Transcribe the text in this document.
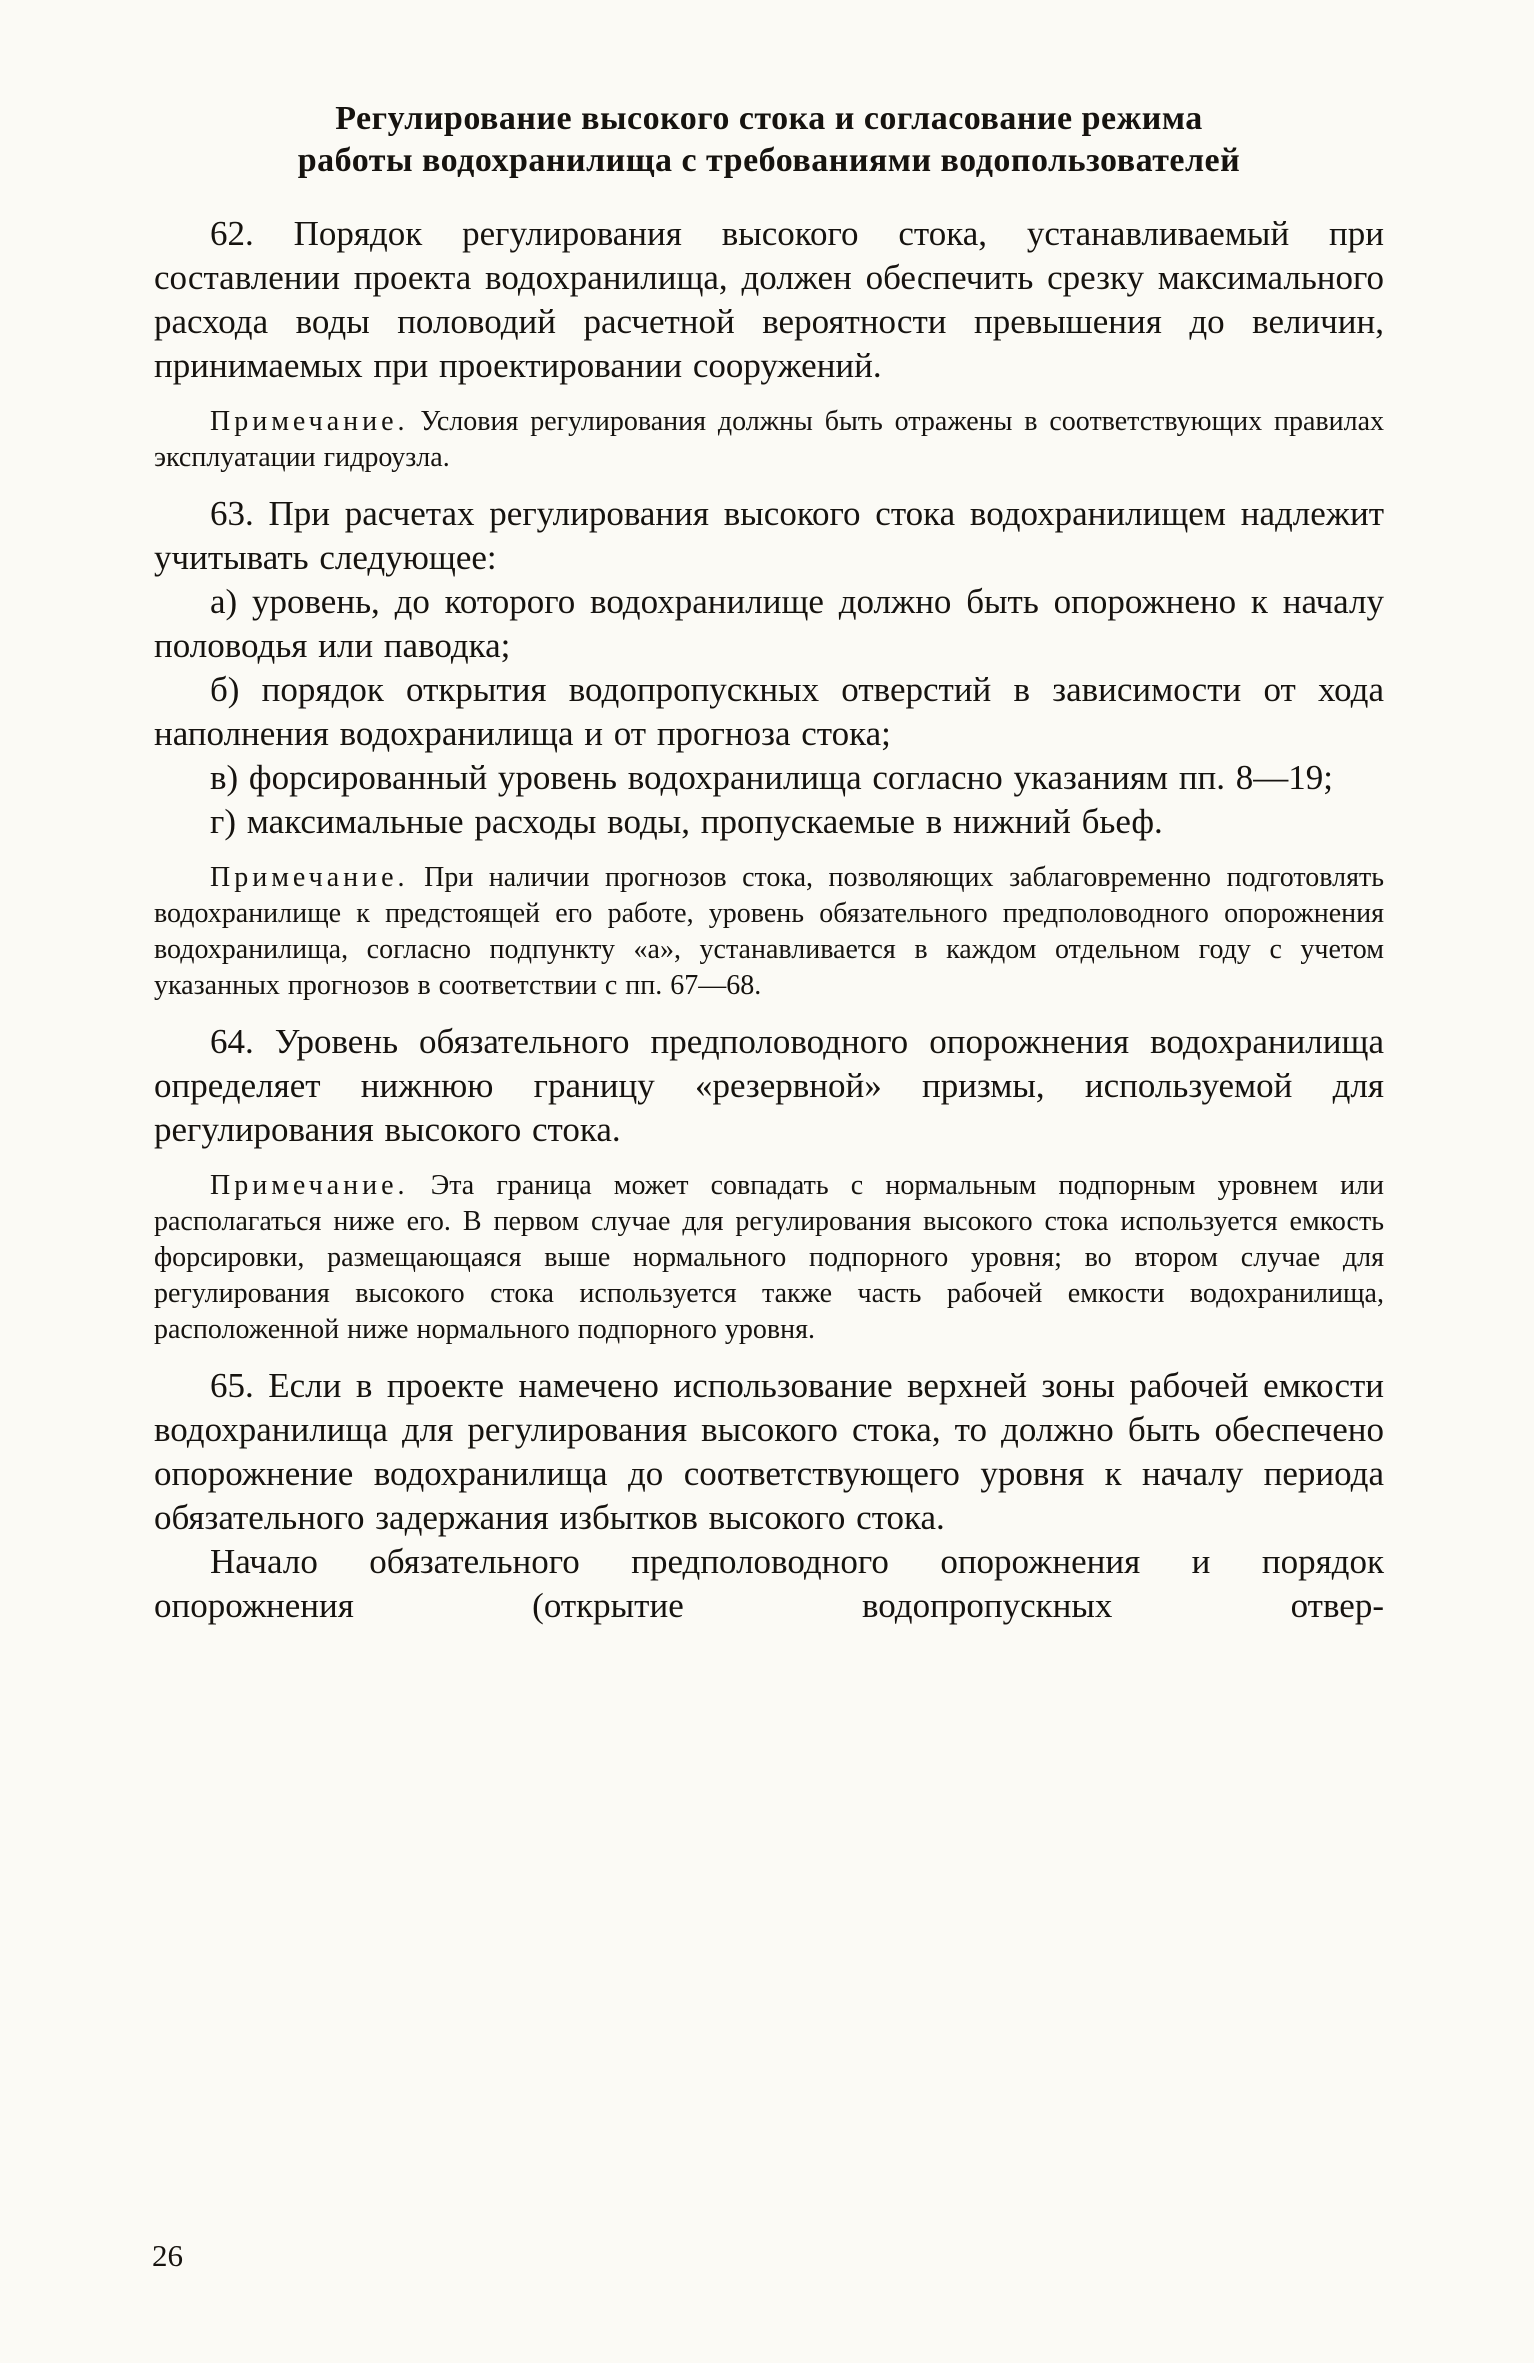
Регулирование высокого стока и согласование режима
работы водохранилища с требованиями водопользователей

62. Порядок регулирования высокого стока, устанавливаемый при составлении проекта водохранилища, должен обеспечить срезку максимального расхода воды половодий расчетной вероятности превышения до величин, принимаемых при проектировании сооружений.

Примечание. Условия регулирования должны быть отражены в соответствующих правилах эксплуатации гидроузла.

63. При расчетах регулирования высокого стока водохранилищем надлежит учитывать следующее:

а) уровень, до которого водохранилище должно быть опорожнено к началу половодья или паводка;

б) порядок открытия водопропускных отверстий в зависимости от хода наполнения водохранилища и от прогноза стока;

в) форсированный уровень водохранилища согласно указаниям пп. 8—19;

г) максимальные расходы воды, пропускаемые в нижний бьеф.

Примечание. При наличии прогнозов стока, позволяющих заблаговременно подготовлять водохранилище к предстоящей его работе, уровень обязательного предполоводного опорожнения водохранилища, согласно подпункту «а», устанавливается в каждом отдельном году с учетом указанных прогнозов в соответствии с пп. 67—68.

64. Уровень обязательного предполоводного опорожнения водохранилища определяет нижнюю границу «резервной» призмы, используемой для регулирования высокого стока.

Примечание. Эта граница может совпадать с нормальным подпорным уровнем или располагаться ниже его. В первом случае для регулирования высокого стока используется емкость форсировки, размещающаяся выше нормального подпорного уровня; во втором случае для регулирования высокого стока используется также часть рабочей емкости водохранилища, расположенной ниже нормального подпорного уровня.

65. Если в проекте намечено использование верхней зоны рабочей емкости водохранилища для регулирования высокого стока, то должно быть обеспечено опорожнение водохранилища до соответствующего уровня к началу периода обязательного задержания избытков высокого стока.

Начало обязательного предполоводного опорожнения и порядок опорожнения (открытие водопропускных отвер-

26
